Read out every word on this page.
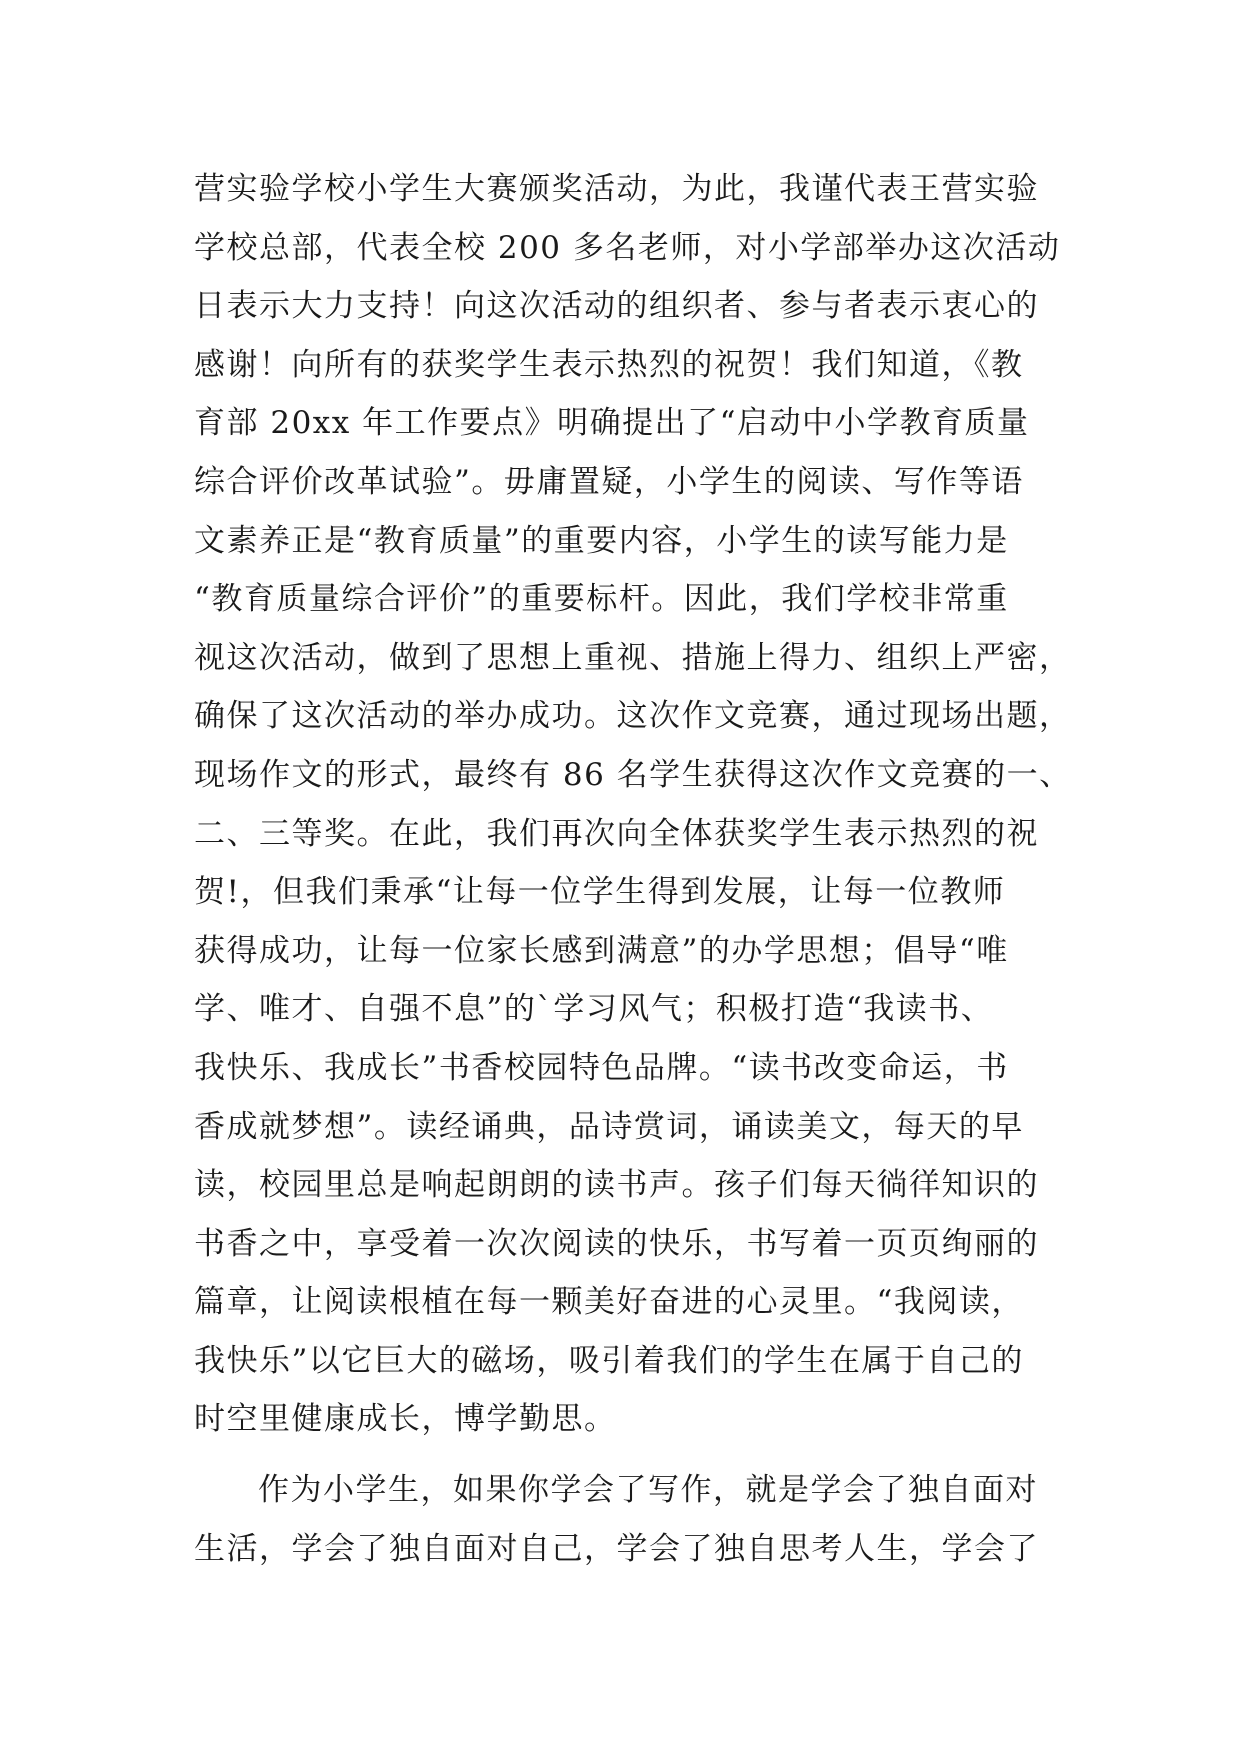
营实验学校小学生大赛颁奖活动，为此，我谨代表王营实验
学校总部，代表全校 200 多名老师，对小学部举办这次活动
日表示大力支持！向这次活动的组织者、参与者表示衷心的
感谢！向所有的获奖学生表示热烈的祝贺！我们知道，《教
育部 20xx 年工作要点》明确提出了“启动中小学教育质量
综合评价改革试验”。毋庸置疑，小学生的阅读、写作等语
文素养正是“教育质量”的重要内容，小学生的读写能力是
“教育质量综合评价”的重要标杆。因此，我们学校非常重
视这次活动，做到了思想上重视、措施上得力、组织上严密，
确保了这次活动的举办成功。这次作文竞赛，通过现场出题，
现场作文的形式，最终有 86 名学生获得这次作文竞赛的一、
二、三等奖。在此，我们再次向全体获奖学生表示热烈的祝
贺!，但我们秉承“让每一位学生得到发展，让每一位教师
获得成功，让每一位家长感到满意”的办学思想；倡导“唯
学、唯才、自强不息”的`学习风气；积极打造“我读书、
我快乐、我成长”书香校园特色品牌。“读书改变命运，书
香成就梦想”。读经诵典，品诗赏词，诵读美文，每天的早
读，校园里总是响起朗朗的读书声。孩子们每天徜徉知识的
书香之中，享受着一次次阅读的快乐，书写着一页页绚丽的
篇章，让阅读根植在每一颗美好奋进的心灵里。“我阅读，
我快乐”以它巨大的磁场，吸引着我们的学生在属于自己的
时空里健康成长，博学勤思。
作为小学生，如果你学会了写作，就是学会了独自面对
生活，学会了独自面对自己，学会了独自思考人生，学会了
